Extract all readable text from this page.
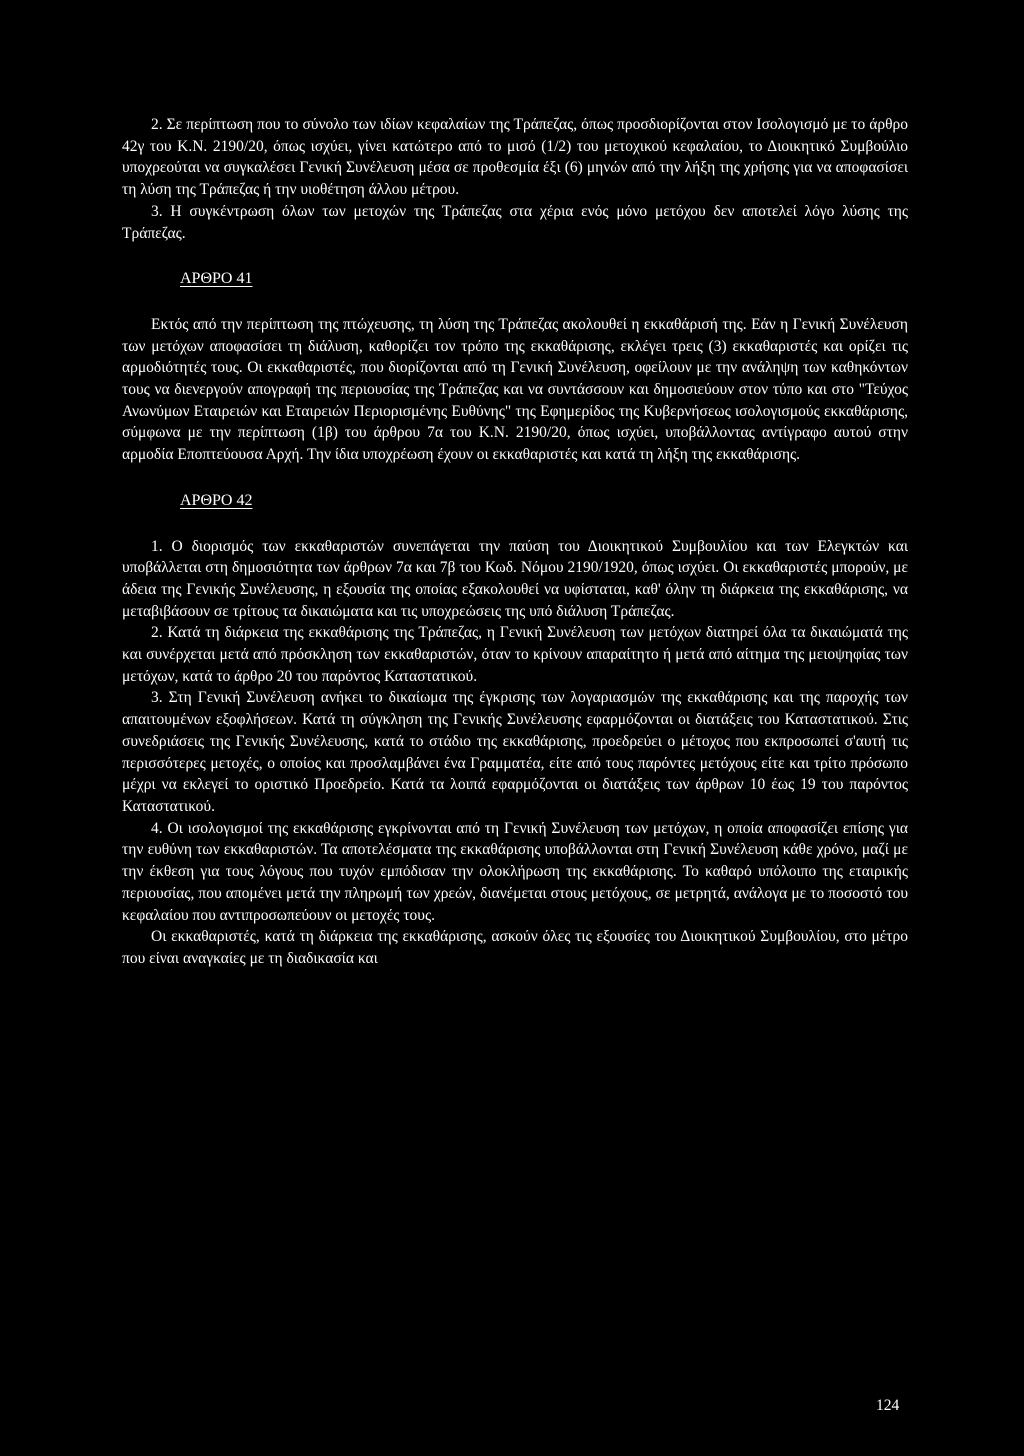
2. Σε περίπτωση που το σύνολο των ιδίων κεφαλαίων της Τράπεζας, όπως προσδιορίζονται στον Ισολογισμό με το άρθρο 42γ του Κ.Ν. 2190/20, όπως ισχύει, γίνει κατώτερο από το μισό (1/2) του μετοχικού κεφαλαίου, το Διοικητικό Συμβούλιο υποχρεούται να συγκαλέσει Γενική Συνέλευση μέσα σε προθεσμία έξι (6) μηνών από την λήξη της χρήσης για να αποφασίσει τη λύση της Τράπεζας ή την υιοθέτηση άλλου μέτρου.

3. Η συγκέντρωση όλων των μετοχών της Τράπεζας στα χέρια ενός μόνο μετόχου δεν αποτελεί λόγο λύσης της Τράπεζας.

ΑΡΘΡΟ 41

Εκτός από την περίπτωση της πτώχευσης, τη λύση της Τράπεζας ακολουθεί η εκκαθάρισή της. Εάν η Γενική Συνέλευση των μετόχων αποφασίσει τη διάλυση, καθορίζει τον τρόπο της εκκαθάρισης, εκλέγει τρεις (3) εκκαθαριστές και ορίζει τις αρμοδιότητές τους. Οι εκκαθαριστές, που διορίζονται από τη Γενική Συνέλευση, οφείλουν με την ανάληψη των καθηκόντων τους να διενεργούν απογραφή της περιουσίας της Τράπεζας και να συντάσσουν και δημοσιεύουν στον τύπο και στο "Τεύχος Ανωνύμων Εταιρειών και Εταιρειών Περιορισμένης Ευθύνης" της Εφημερίδος της Κυβερνήσεως ισολογισμούς εκκαθάρισης, σύμφωνα με την περίπτωση (1β) του άρθρου 7α του Κ.Ν. 2190/20, όπως ισχύει, υποβάλλοντας αντίγραφο αυτού στην αρμοδία Εποπτεύουσα Αρχή. Την ίδια υποχρέωση έχουν οι εκκαθαριστές και κατά τη λήξη της εκκαθάρισης.

ΑΡΘΡΟ 42

1. Ο διορισμός των εκκαθαριστών συνεπάγεται την παύση του Διοικητικού Συμβουλίου και των Ελεγκτών και υποβάλλεται στη δημοσιότητα των άρθρων 7α και 7β του Κωδ. Νόμου 2190/1920, όπως ισχύει. Οι εκκαθαριστές μπορούν, με άδεια της Γενικής Συνέλευσης, η εξουσία της οποίας εξακολουθεί να υφίσταται, καθ' όλην τη διάρκεια της εκκαθάρισης, να μεταβιβάσουν σε τρίτους τα δικαιώματα και τις υποχρεώσεις της υπό διάλυση Τράπεζας.

2. Κατά τη διάρκεια της εκκαθάρισης της Τράπεζας, η Γενική Συνέλευση των μετόχων διατηρεί όλα τα δικαιώματά της και συνέρχεται μετά από πρόσκληση των εκκαθαριστών, όταν το κρίνουν απαραίτητο ή μετά από αίτημα της μειοψηφίας των μετόχων, κατά το άρθρο 20 του παρόντος Καταστατικού.

3. Στη Γενική Συνέλευση ανήκει το δικαίωμα της έγκρισης των λογαριασμών της εκκαθάρισης και της παροχής των απαιτουμένων εξοφλήσεων. Κατά τη σύγκληση της Γενικής Συνέλευσης εφαρμόζονται οι διατάξεις του Καταστατικού. Στις συνεδριάσεις της Γενικής Συνέλευσης, κατά το στάδιο της εκκαθάρισης, προεδρεύει ο μέτοχος που εκπροσωπεί σ'αυτή τις περισσότερες μετοχές, ο οποίος και προσλαμβάνει ένα Γραμματέα, είτε από τους παρόντες μετόχους είτε και τρίτο πρόσωπο μέχρι να εκλεγεί το οριστικό Προεδρείο. Κατά τα λοιπά εφαρμόζονται οι διατάξεις των άρθρων 10 έως 19 του παρόντος Καταστατικού.

4. Οι ισολογισμοί της εκκαθάρισης εγκρίνονται από τη Γενική Συνέλευση των μετόχων, η οποία αποφασίζει επίσης για την ευθύνη των εκκαθαριστών. Τα αποτελέσματα της εκκαθάρισης υποβάλλονται στη Γενική Συνέλευση κάθε χρόνο, μαζί με την έκθεση για τους λόγους που τυχόν εμπόδισαν την ολοκλήρωση της εκκαθάρισης. Το καθαρό υπόλοιπο της εταιρικής περιουσίας, που απομένει μετά την πληρωμή των χρεών, διανέμεται στους μετόχους, σε μετρητά, ανάλογα με το ποσοστό του κεφαλαίου που αντιπροσωπεύουν οι μετοχές τους.

Οι εκκαθαριστές, κατά τη διάρκεια της εκκαθάρισης, ασκούν όλες τις εξουσίες του Διοικητικού Συμβουλίου, στο μέτρο που είναι αναγκαίες με τη διαδικασία και

124
